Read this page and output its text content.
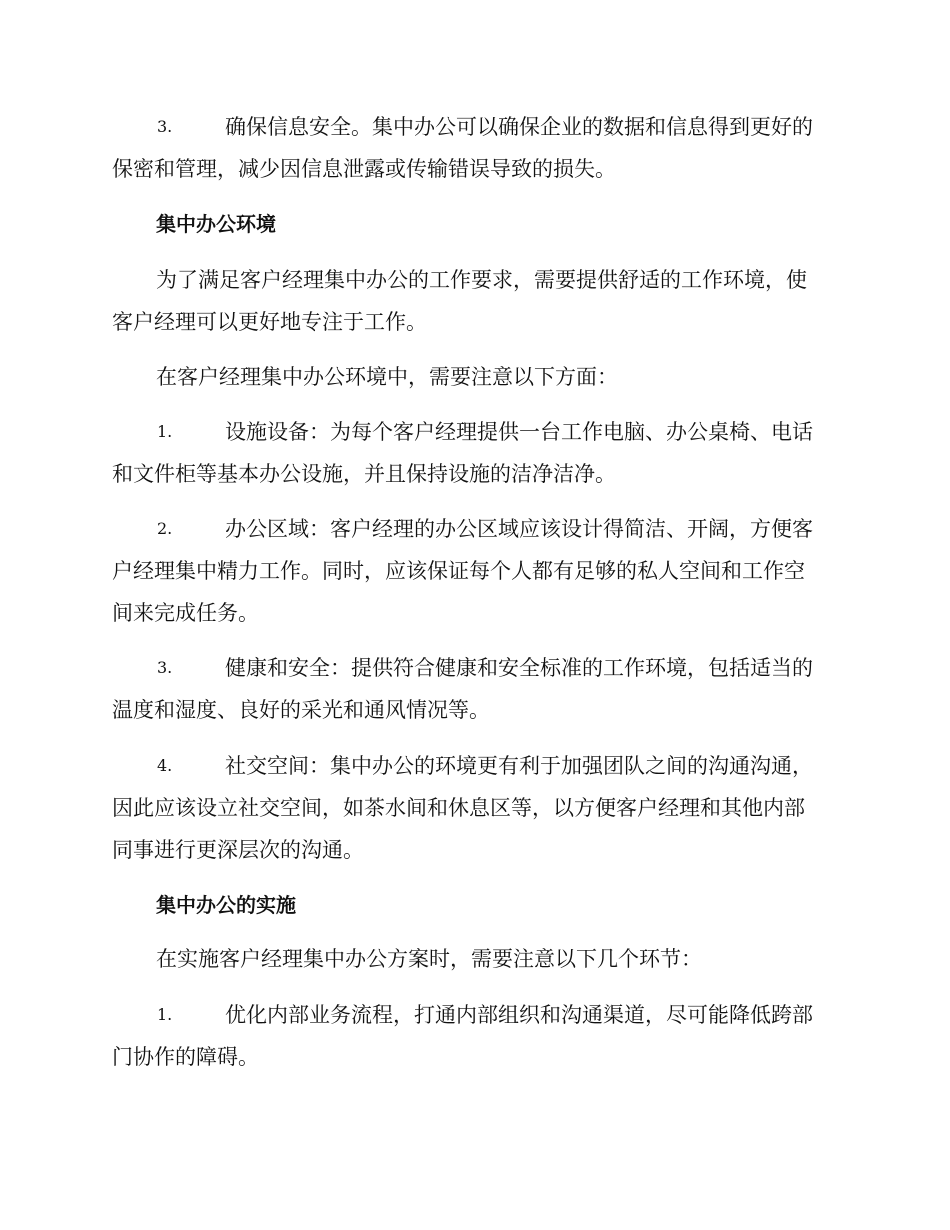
3.	确保信息安全。集中办公可以确保企业的数据和信息得到更好的
保密和管理，减少因信息泄露或传输错误导致的损失。
集中办公环境
为了满足客户经理集中办公的工作要求，需要提供舒适的工作环境，使
客户经理可以更好地专注于工作。
在客户经理集中办公环境中，需要注意以下方面：
1.	设施设备：为每个客户经理提供一台工作电脑、办公桌椅、电话
和文件柜等基本办公设施，并且保持设施的洁净洁净。
2.	办公区域：客户经理的办公区域应该设计得简洁、开阔，方便客
户经理集中精力工作。同时，应该保证每个人都有足够的私人空间和工作空
间来完成任务。
3.	健康和安全：提供符合健康和安全标准的工作环境，包括适当的
温度和湿度、良好的采光和通风情况等。
4.	社交空间：集中办公的环境更有利于加强团队之间的沟通沟通，
因此应该设立社交空间，如茶水间和休息区等，以方便客户经理和其他内部
同事进行更深层次的沟通。
集中办公的实施
在实施客户经理集中办公方案时，需要注意以下几个环节：
1.	优化内部业务流程，打通内部组织和沟通渠道，尽可能降低跨部
门协作的障碍。
